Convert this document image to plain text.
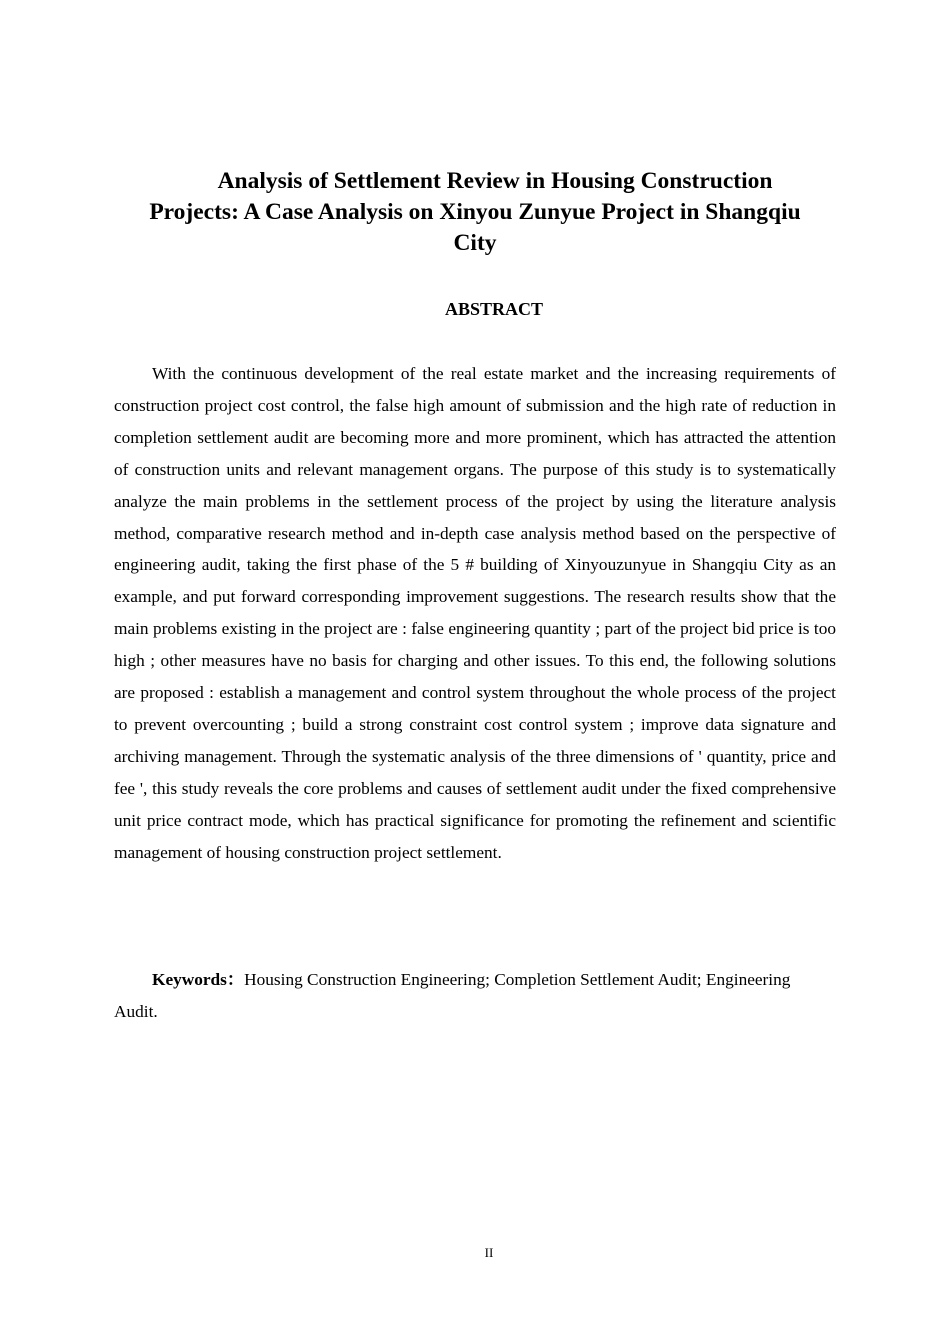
Analysis of Settlement Review in Housing Construction
Projects: A Case Analysis on Xinyou Zunyue Project in Shangqiu
City
ABSTRACT

With the continuous development of the real estate market and the increasing requirements of construction project cost control, the false high amount of submission and the high rate of reduction in completion settlement audit are becoming more and more prominent, which has attracted the attention of construction units and relevant management organs. The purpose of this study is to systematically analyze the main problems in the settlement process of the project by using the literature analysis method, comparative research method and in-depth case analysis method based on the perspective of engineering audit, taking the first phase of the 5 # building of Xinyouzunyue in Shangqiu City as an example, and put forward corresponding improvement suggestions. The research results show that the main problems existing in the project are : false engineering quantity ; part of the project bid price is too high ; other measures have no basis for charging and other issues. To this end, the following solutions are proposed : establish a management and control system throughout the whole process of the project to prevent overcounting ; build a strong constraint cost control system ; improve data signature and archiving management. Through the systematic analysis of the three dimensions of ' quantity, price and fee ', this study reveals the core problems and causes of settlement audit under the fixed comprehensive unit price contract mode, which has practical significance for promoting the refinement and scientific management of housing construction project settlement.

Keywords：Housing Construction Engineering; Completion Settlement Audit; Engineering Audit.

II
